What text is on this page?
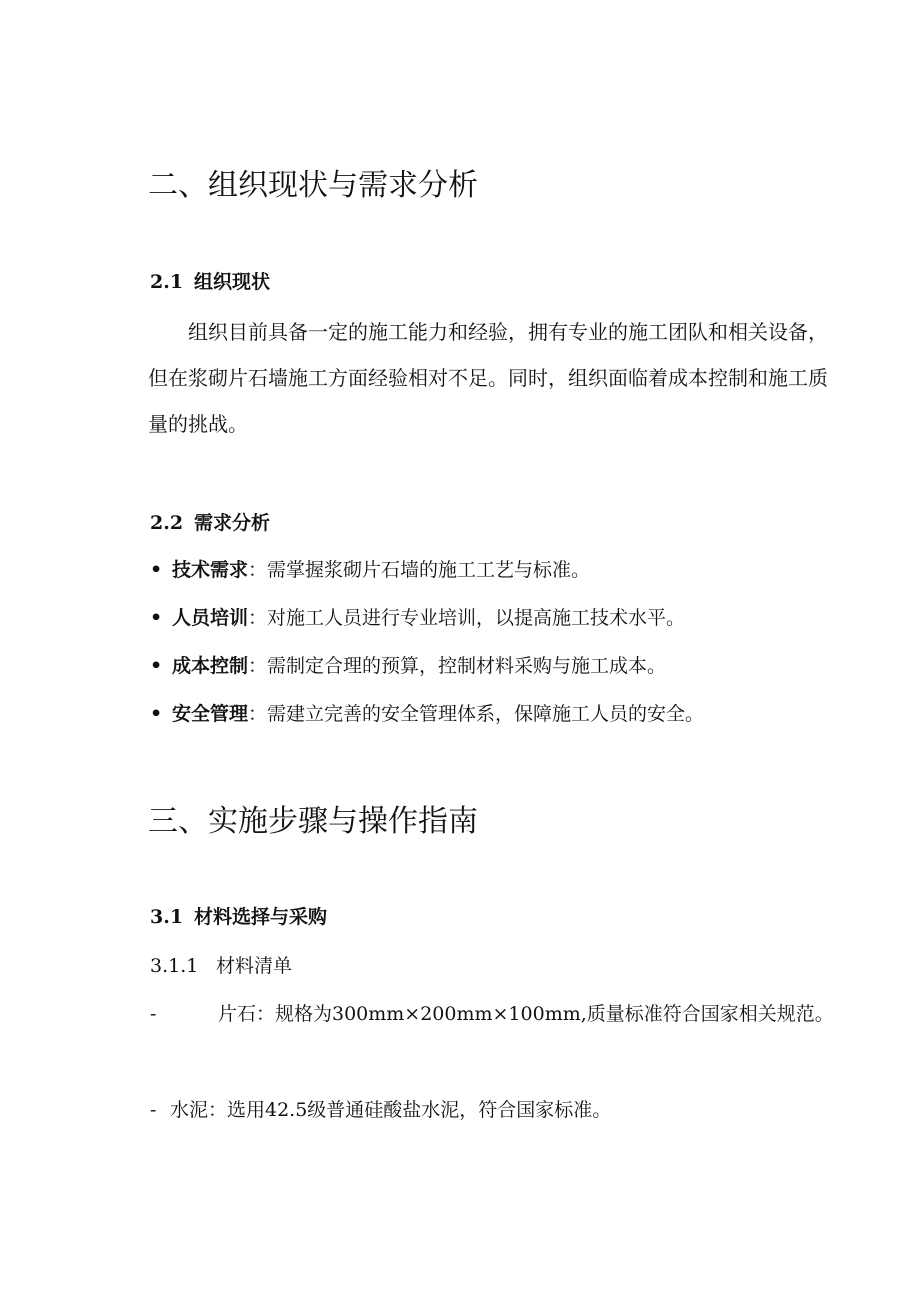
二、组织现状与需求分析
2.1 组织现状
组织目前具备一定的施工能力和经验，拥有专业的施工团队和相关设备，但在浆砌片石墙施工方面经验相对不足。同时，组织面临着成本控制和施工质量的挑战。
2.2 需求分析
• 技术需求：需掌握浆砌片石墙的施工工艺与标准。
• 人员培训：对施工人员进行专业培训，以提高施工技术水平。
• 成本控制：需制定合理的预算，控制材料采购与施工成本。
• 安全管理：需建立完善的安全管理体系，保障施工人员的安全。
三、实施步骤与操作指南
3.1 材料选择与采购
3.1.1 材料清单
-	片石：规格为300mm×200mm×100mm,质量标准符合国家相关规范。
- 水泥：选用42.5级普通硅酸盐水泥，符合国家标准。
